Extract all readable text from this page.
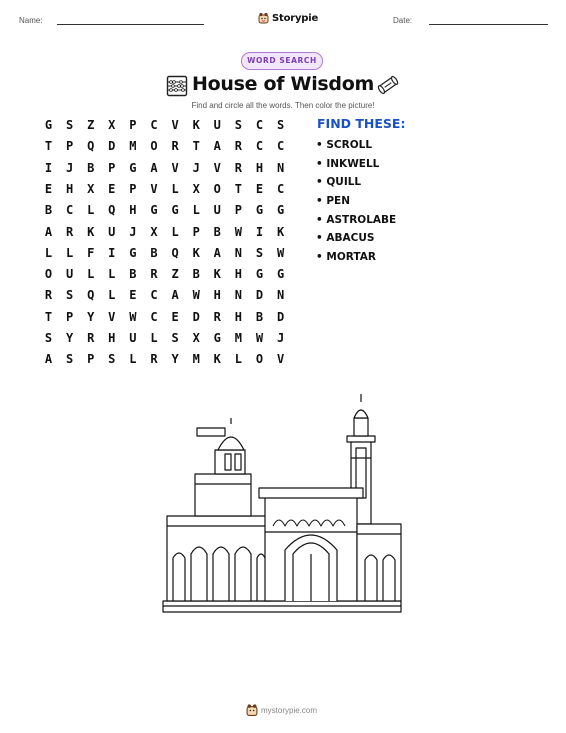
Name:	Storypie	Date:
WORD SEARCH
House of Wisdom
Find and circle all the words. Then color the picture!
G	S	Z	X	P	C	V	K	U	S	C	S
T	P	Q	D	M	O	R	T	A	R	C	C
I	J	B	P	G	A	V	J	V	R	H	N
E	H	X	E	P	V	L	X	O	T	E	C
B	C	L	Q	H	G	G	L	U	P	G	G
A	R	K	U	J	X	L	P	B	W	I	K
L	L	F	I	G	B	Q	K	A	N	S	W
O	U	L	L	B	R	Z	B	K	H	G	G
R	S	Q	L	E	C	A	W	H	N	D	N
T	P	Y	V	W	C	E	D	R	H	B	D
S	Y	R	H	U	L	S	X	G	M	W	J
A	S	P	S	L	R	Y	M	K	L	O	V
FIND THESE:
• SCROLL
• INKWELL
• QUILL
• PEN
• ASTROLABE
• ABACUS
• MORTAR
mystorypie.com
